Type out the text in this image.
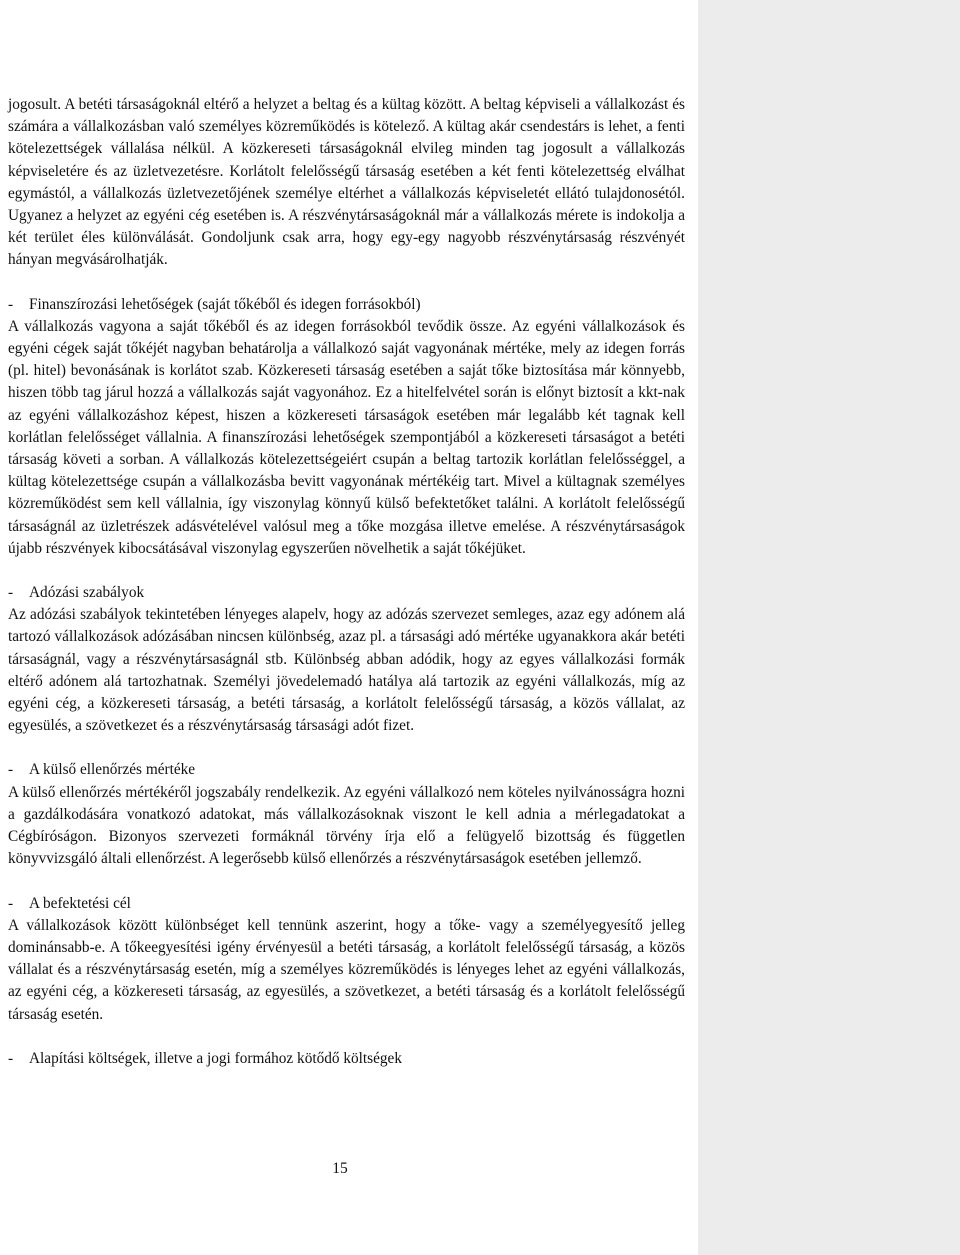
jogosult. A betéti társaságoknál eltérő a helyzet a beltag és a kültag között. A beltag képviseli a vállalkozást és számára a vállalkozásban való személyes közreműködés is kötelező. A kültag akár csendestárs is lehet, a fenti kötelezettségek vállalása nélkül. A közkereseti társaságoknál elvileg minden tag jogosult a vállalkozás képviseletére és az üzletvezetésre. Korlátolt felelősségű társaság esetében a két fenti kötelezettség elválhat egymástól, a vállalkozás üzletvezetőjének személye eltérhet a vállalkozás képviseletét ellátó tulajdonosétól. Ugyanez a helyzet az egyéni cég esetében is. A részvénytársaságoknál már a vállalkozás mérete is indokolja a két terület éles különválását. Gondoljunk csak arra, hogy egy-egy nagyobb részvénytársaság részvényét hányan megvásárolhatják.

- Finanszírozási lehetőségek (saját tőkéből és idegen forrásokból)

A vállalkozás vagyona a saját tőkéből és az idegen forrásokból tevődik össze. Az egyéni vállalkozások és egyéni cégek saját tőkéjét nagyban behatárolja a vállalkozó saját vagyonának mértéke, mely az idegen forrás (pl. hitel) bevonásának is korlátot szab. Közkereseti társaság esetében a saját tőke biztosítása már könnyebb, hiszen több tag járul hozzá a vállalkozás saját vagyonához. Ez a hitelfelvétel során is előnyt biztosít a kkt-nak az egyéni vállalkozáshoz képest, hiszen a közkereseti társaságok esetében már legalább két tagnak kell korlátlan felelősséget vállalnia. A finanszírozási lehetőségek szempontjából a közkereseti társaságot a betéti társaság követi a sorban. A vállalkozás kötelezettségeiért csupán a beltag tartozik korlátlan felelősséggel, a kültag kötelezettsége csupán a vállalkozásba bevitt vagyonának mértékéig tart. Mivel a kültagnak személyes közreműködést sem kell vállalnia, így viszonylag könnyű külső befektetőket találni. A korlátolt felelősségű társaságnál az üzletrészek adásvételével valósul meg a tőke mozgása illetve emelése. A részvénytársaságok újabb részvények kibocsátásával viszonylag egyszerűen növelhetik a saját tőkéjüket.

- Adózási szabályok

Az adózási szabályok tekintetében lényeges alapelv, hogy az adózás szervezet semleges, azaz egy adónem alá tartozó vállalkozások adózásában nincsen különbség, azaz pl. a társasági adó mértéke ugyanakkora akár betéti társaságnál, vagy a részvénytársaságnál stb. Különbség abban adódik, hogy az egyes vállalkozási formák eltérő adónem alá tartozhatnak. Személyi jövedelemadó hatálya alá tartozik az egyéni vállalkozás, míg az egyéni cég, a közkereseti társaság, a betéti társaság, a korlátolt felelősségű társaság, a közös vállalat, az egyesülés, a szövetkezet és a részvénytársaság társasági adót fizet.

- A külső ellenőrzés mértéke

A külső ellenőrzés mértékéről jogszabály rendelkezik. Az egyéni vállalkozó nem köteles nyilvánosságra hozni a gazdálkodására vonatkozó adatokat, más vállalkozásoknak viszont le kell adnia a mérlegadatokat a Cégbíróságon. Bizonyos szervezeti formáknál törvény írja elő a felügyelő bizottság és független könyvvizsgáló általi ellenőrzést. A legerősebb külső ellenőrzés a részvénytársaságok esetében jellemző.

- A befektetési cél

A vállalkozások között különbséget kell tennünk aszerint, hogy a tőke- vagy a személyegyesítő jelleg dominánsabb-e. A tőkeegyesítési igény érvényesül a betéti társaság, a korlátolt felelősségű társaság, a közös vállalat és a részvénytársaság esetén, míg a személyes közreműködés is lényeges lehet az egyéni vállalkozás, az egyéni cég, a közkereseti társaság, az egyesülés, a szövetkezet, a betéti társaság és a korlátolt felelősségű társaság esetén.

- Alapítási költségek, illetve a jogi formához kötődő költségek

15
